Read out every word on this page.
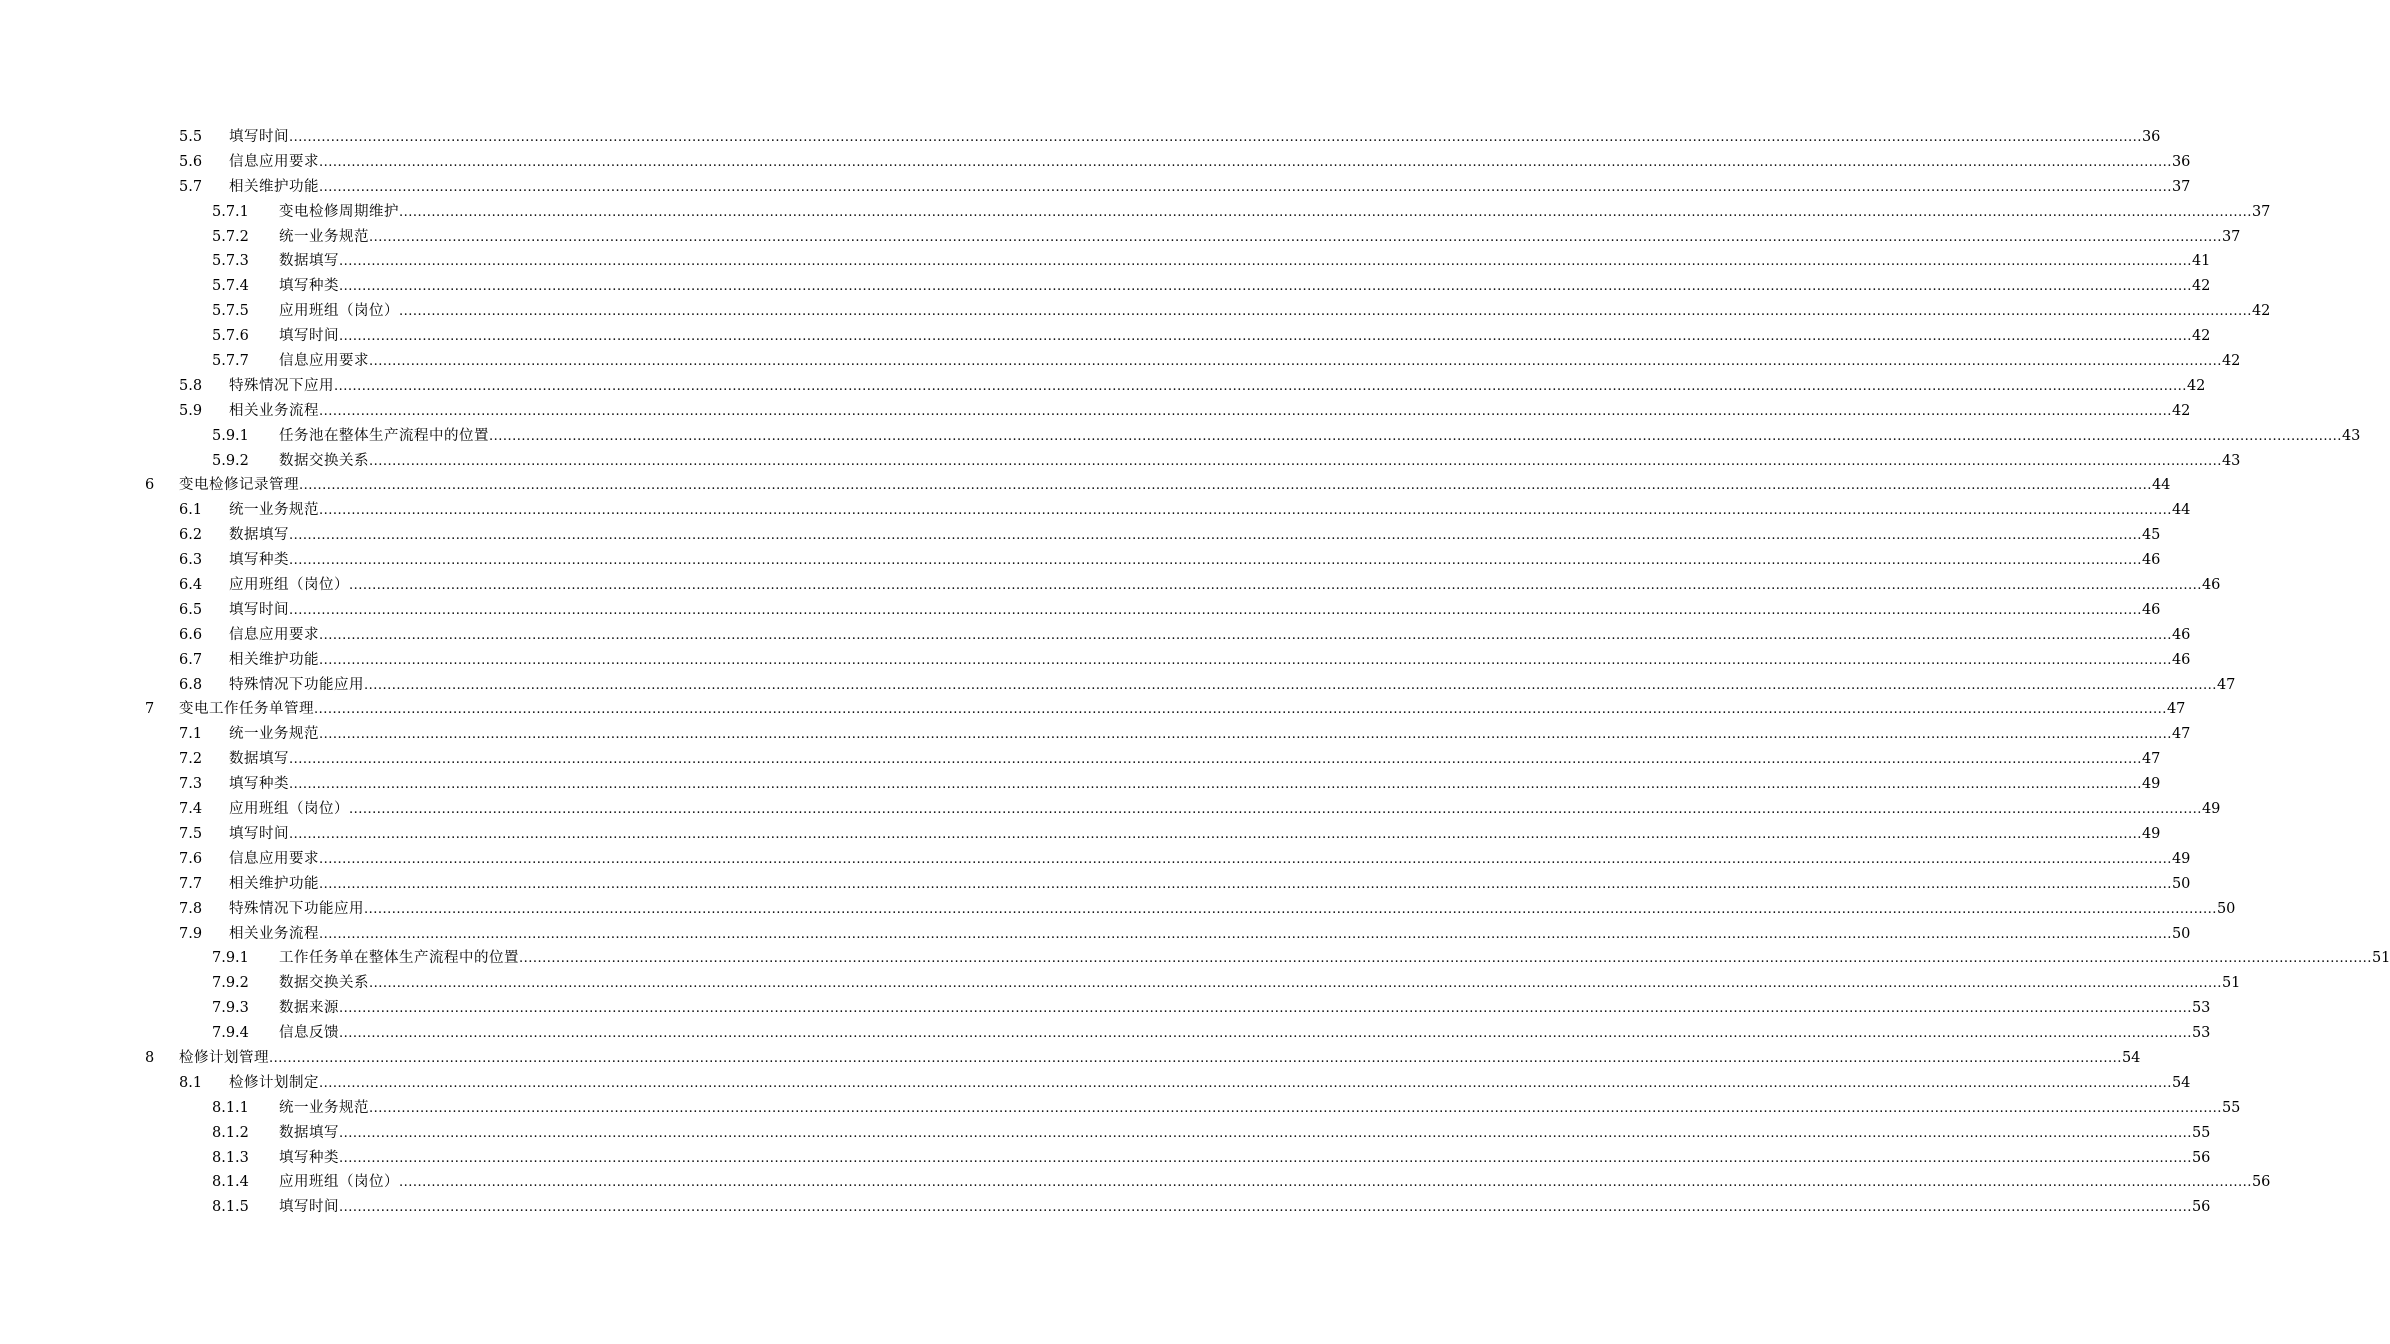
5.5 填写时间 ................................................................................................................................................................................................................................................................................................................................................................................................................ 36
5.6 信息应用要求 ................................................................................................................................................................................................................................................................................................................................................................................................................ 36
5.7 相关维护功能 ................................................................................................................................................................................................................................................................................................................................................................................................................ 37
5.7.1 变电检修周期维护 ................................................................................................................................................................................................................................................................................................................................................................................................................ 37
5.7.2 统一业务规范 ................................................................................................................................................................................................................................................................................................................................................................................................................ 37
5.7.3 数据填写 ................................................................................................................................................................................................................................................................................................................................................................................................................ 41
5.7.4 填写种类 ................................................................................................................................................................................................................................................................................................................................................................................................................ 42
5.7.5 应用班组（岗位） ................................................................................................................................................................................................................................................................................................................................................................................................................ 42
5.7.6 填写时间 ................................................................................................................................................................................................................................................................................................................................................................................................................ 42
5.7.7 信息应用要求 ................................................................................................................................................................................................................................................................................................................................................................................................................ 42
5.8 特殊情况下应用 ................................................................................................................................................................................................................................................................................................................................................................................................................ 42
5.9 相关业务流程 ................................................................................................................................................................................................................................................................................................................................................................................................................ 42
5.9.1 任务池在整体生产流程中的位置 ................................................................................................................................................................................................................................................................................................................................................................................................................ 43
5.9.2 数据交换关系 ................................................................................................................................................................................................................................................................................................................................................................................................................ 43
6 变电检修记录管理 ................................................................................................................................................................................................................................................................................................................................................................................................................ 44
6.1 统一业务规范 ................................................................................................................................................................................................................................................................................................................................................................................................................ 44
6.2 数据填写 ................................................................................................................................................................................................................................................................................................................................................................................................................ 45
6.3 填写种类 ................................................................................................................................................................................................................................................................................................................................................................................................................ 46
6.4 应用班组（岗位） ................................................................................................................................................................................................................................................................................................................................................................................................................ 46
6.5 填写时间 ................................................................................................................................................................................................................................................................................................................................................................................................................ 46
6.6 信息应用要求 ................................................................................................................................................................................................................................................................................................................................................................................................................ 46
6.7 相关维护功能 ................................................................................................................................................................................................................................................................................................................................................................................................................ 46
6.8 特殊情况下功能应用 ................................................................................................................................................................................................................................................................................................................................................................................................................ 47
7 变电工作任务单管理 ................................................................................................................................................................................................................................................................................................................................................................................................................ 47
7.1 统一业务规范 ................................................................................................................................................................................................................................................................................................................................................................................................................ 47
7.2 数据填写 ................................................................................................................................................................................................................................................................................................................................................................................................................ 47
7.3 填写种类 ................................................................................................................................................................................................................................................................................................................................................................................................................ 49
7.4 应用班组（岗位） ................................................................................................................................................................................................................................................................................................................................................................................................................ 49
7.5 填写时间 ................................................................................................................................................................................................................................................................................................................................................................................................................ 49
7.6 信息应用要求 ................................................................................................................................................................................................................................................................................................................................................................................................................ 49
7.7 相关维护功能 ................................................................................................................................................................................................................................................................................................................................................................................................................ 50
7.8 特殊情况下功能应用 ................................................................................................................................................................................................................................................................................................................................................................................................................ 50
7.9 相关业务流程 ................................................................................................................................................................................................................................................................................................................................................................................................................ 50
7.9.1 工作任务单在整体生产流程中的位置 ................................................................................................................................................................................................................................................................................................................................................................................................................ 51
7.9.2 数据交换关系 ................................................................................................................................................................................................................................................................................................................................................................................................................ 51
7.9.3 数据来源 ................................................................................................................................................................................................................................................................................................................................................................................................................ 53
7.9.4 信息反馈 ................................................................................................................................................................................................................................................................................................................................................................................................................ 53
8 检修计划管理 ................................................................................................................................................................................................................................................................................................................................................................................................................ 54
8.1 检修计划制定 ................................................................................................................................................................................................................................................................................................................................................................................................................ 54
8.1.1 统一业务规范 ................................................................................................................................................................................................................................................................................................................................................................................................................ 55
8.1.2 数据填写 ................................................................................................................................................................................................................................................................................................................................................................................................................ 55
8.1.3 填写种类 ................................................................................................................................................................................................................................................................................................................................................................................................................ 56
8.1.4 应用班组（岗位） ................................................................................................................................................................................................................................................................................................................................................................................................................ 56
8.1.5 填写时间 ................................................................................................................................................................................................................................................................................................................................................................................................................ 56
